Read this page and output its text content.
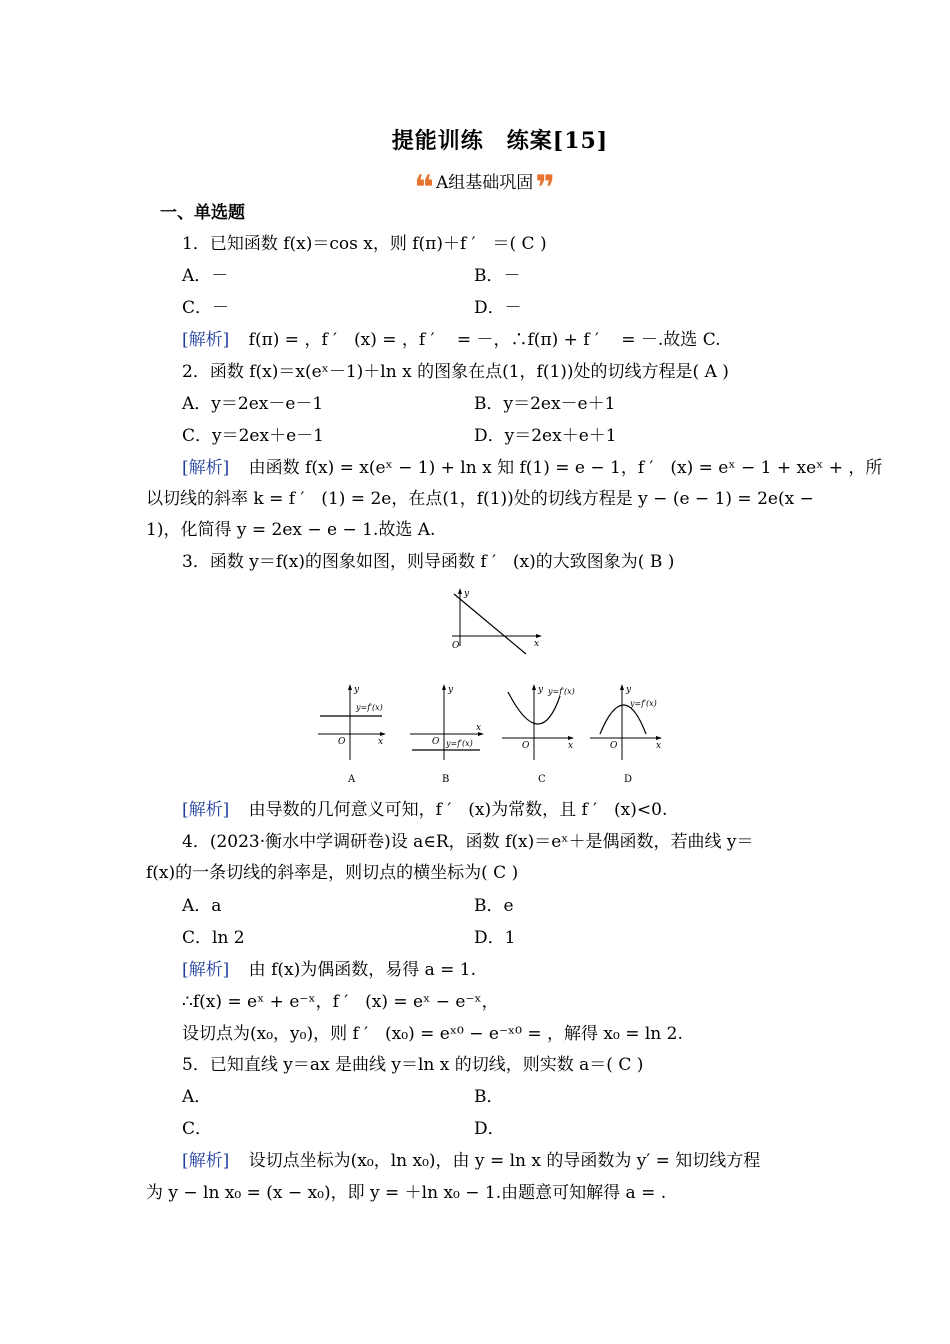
提能训练　练案[15]
❝ A组基础巩固 ❞
一、单选题
1．已知函数 f(x)＝cos x，则 f(π)＋f ′　＝( C )
A．－	B．－
C．－	D．－
[解析] f(π) = ，f ′　(x) = ，f ′　 = －，∴f(π) + f ′　 = －.故选 C.
2．函数 f(x)＝x(eˣ－1)＋ln x 的图象在点(1，f(1))处的切线方程是( A )
A．y＝2ex－e－1	B．y＝2ex－e＋1
C．y＝2ex＋e－1	D．y＝2ex＋e＋1
[解析] 由函数 f(x) = x(eˣ − 1) + ln x 知 f(1) = e − 1，f ′　(x) = eˣ − 1 + xeˣ + ，所
以切线的斜率 k = f ′　(1) = 2e，在点(1，f(1))处的切线方程是 y − (e − 1) = 2e(x −
1)，化简得 y = 2ex − e − 1.故选 A.
3．函数 y＝f(x)的图象如图，则导函数 f ′　(x)的大致图象为( B )
y
x
O
y
x
O
y=f′(x)
A
y
x
O y=f′(x)
B
y
x
O
y=f′(x)
C
y
x
O
y=f′(x)
D
[解析] 由导数的几何意义可知，f ′　(x)为常数，且 f ′　(x)<0.
4．(2023·衡水中学调研卷)设 a∈R，函数 f(x)＝eˣ＋是偶函数，若曲线 y＝
f(x)的一条切线的斜率是，则切点的横坐标为( C )
A．a	B．e
C．ln 2	D．1
[解析] 由 f(x)为偶函数，易得 a = 1.
∴f(x) = eˣ + e⁻ˣ，f ′　(x) = eˣ − e⁻ˣ，
设切点为(x₀，y₀)，则 f ′　(x₀) = eˣ⁰ − e⁻ˣ⁰ = ，解得 x₀ = ln 2.
5．已知直线 y＝ax 是曲线 y＝ln x 的切线，则实数 a＝( C )
A．	B．
C．	D．
[解析] 设切点坐标为(x₀，ln x₀)，由 y = ln x 的导函数为 y′ = 知切线方程
为 y − ln x₀ = (x − x₀)，即 y = ＋ln x₀ − 1.由题意可知解得 a = .
